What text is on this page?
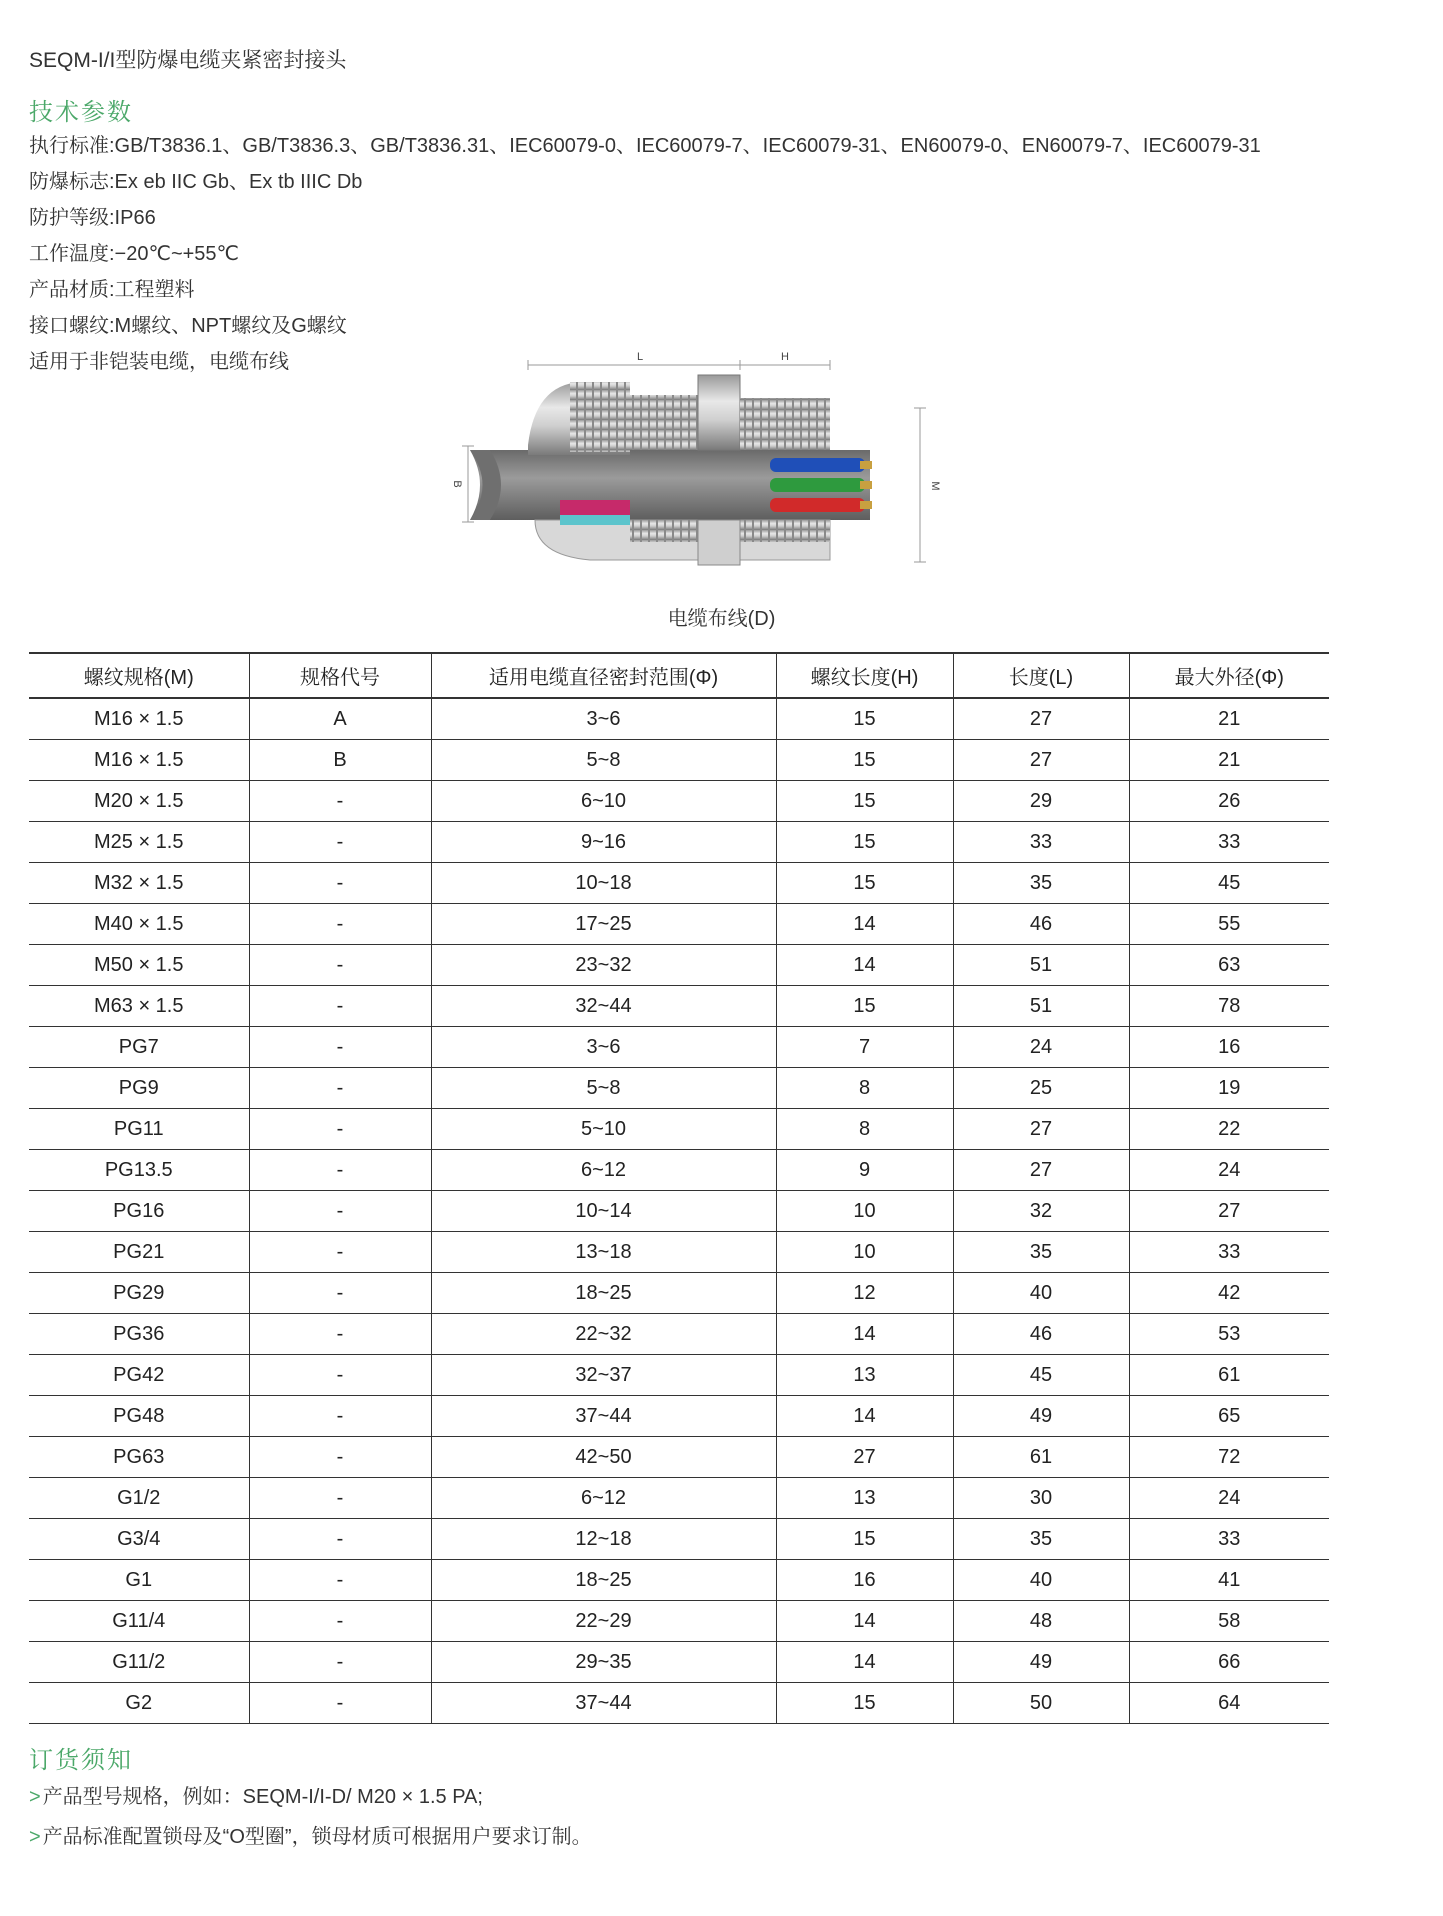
SEQM-I/I型防爆电缆夹紧密封接头
技术参数
执行标准:GB/T3836.1、GB/T3836.3、GB/T3836.31、IEC60079-0、IEC60079-7、IEC60079-31、EN60079-0、EN60079-7、IEC60079-31
防爆标志:Ex eb IIC Gb、Ex tb IIIC Db
防护等级:IP66
工作温度:−20℃~+55℃
产品材质:工程塑料
接口螺纹:M螺纹、NPT螺纹及G螺纹
适用于非铠装电缆，电缆布线	L	H
B	M
电缆布线(D)
螺纹规格(M)	规格代号	适用电缆直径密封范围(Φ)	螺纹长度(H)	长度(L)	最大外径(Φ)
M16 × 1.5	A	3~6	15	27	21
M16 × 1.5	B	5~8	15	27	21
M20 × 1.5	-	6~10	15	29	26
M25 × 1.5	-	9~16	15	33	33
M32 × 1.5	-	10~18	15	35	45
M40 × 1.5	-	17~25	14	46	55
M50 × 1.5	-	23~32	14	51	63
M63 × 1.5	-	32~44	15	51	78
PG7	-	3~6	7	24	16
PG9	-	5~8	8	25	19
PG11	-	5~10	8	27	22
PG13.5	-	6~12	9	27	24
PG16	-	10~14	10	32	27
PG21	-	13~18	10	35	33
PG29	-	18~25	12	40	42
PG36	-	22~32	14	46	53
PG42	-	32~37	13	45	61
PG48	-	37~44	14	49	65
PG63	-	42~50	27	61	72
G1/2	-	6~12	13	30	24
G3/4	-	12~18	15	35	33
G1	-	18~25	16	40	41
G11/4	-	22~29	14	48	58
G11/2	-	29~35	14	49	66
G2	-	37~44	15	50	64
订货须知
> 产品型号规格，例如：SEQM-I/I-D/ M20 × 1.5 PA;
> 产品标准配置锁母及“O型圈”，锁母材质可根据用户要求订制。
